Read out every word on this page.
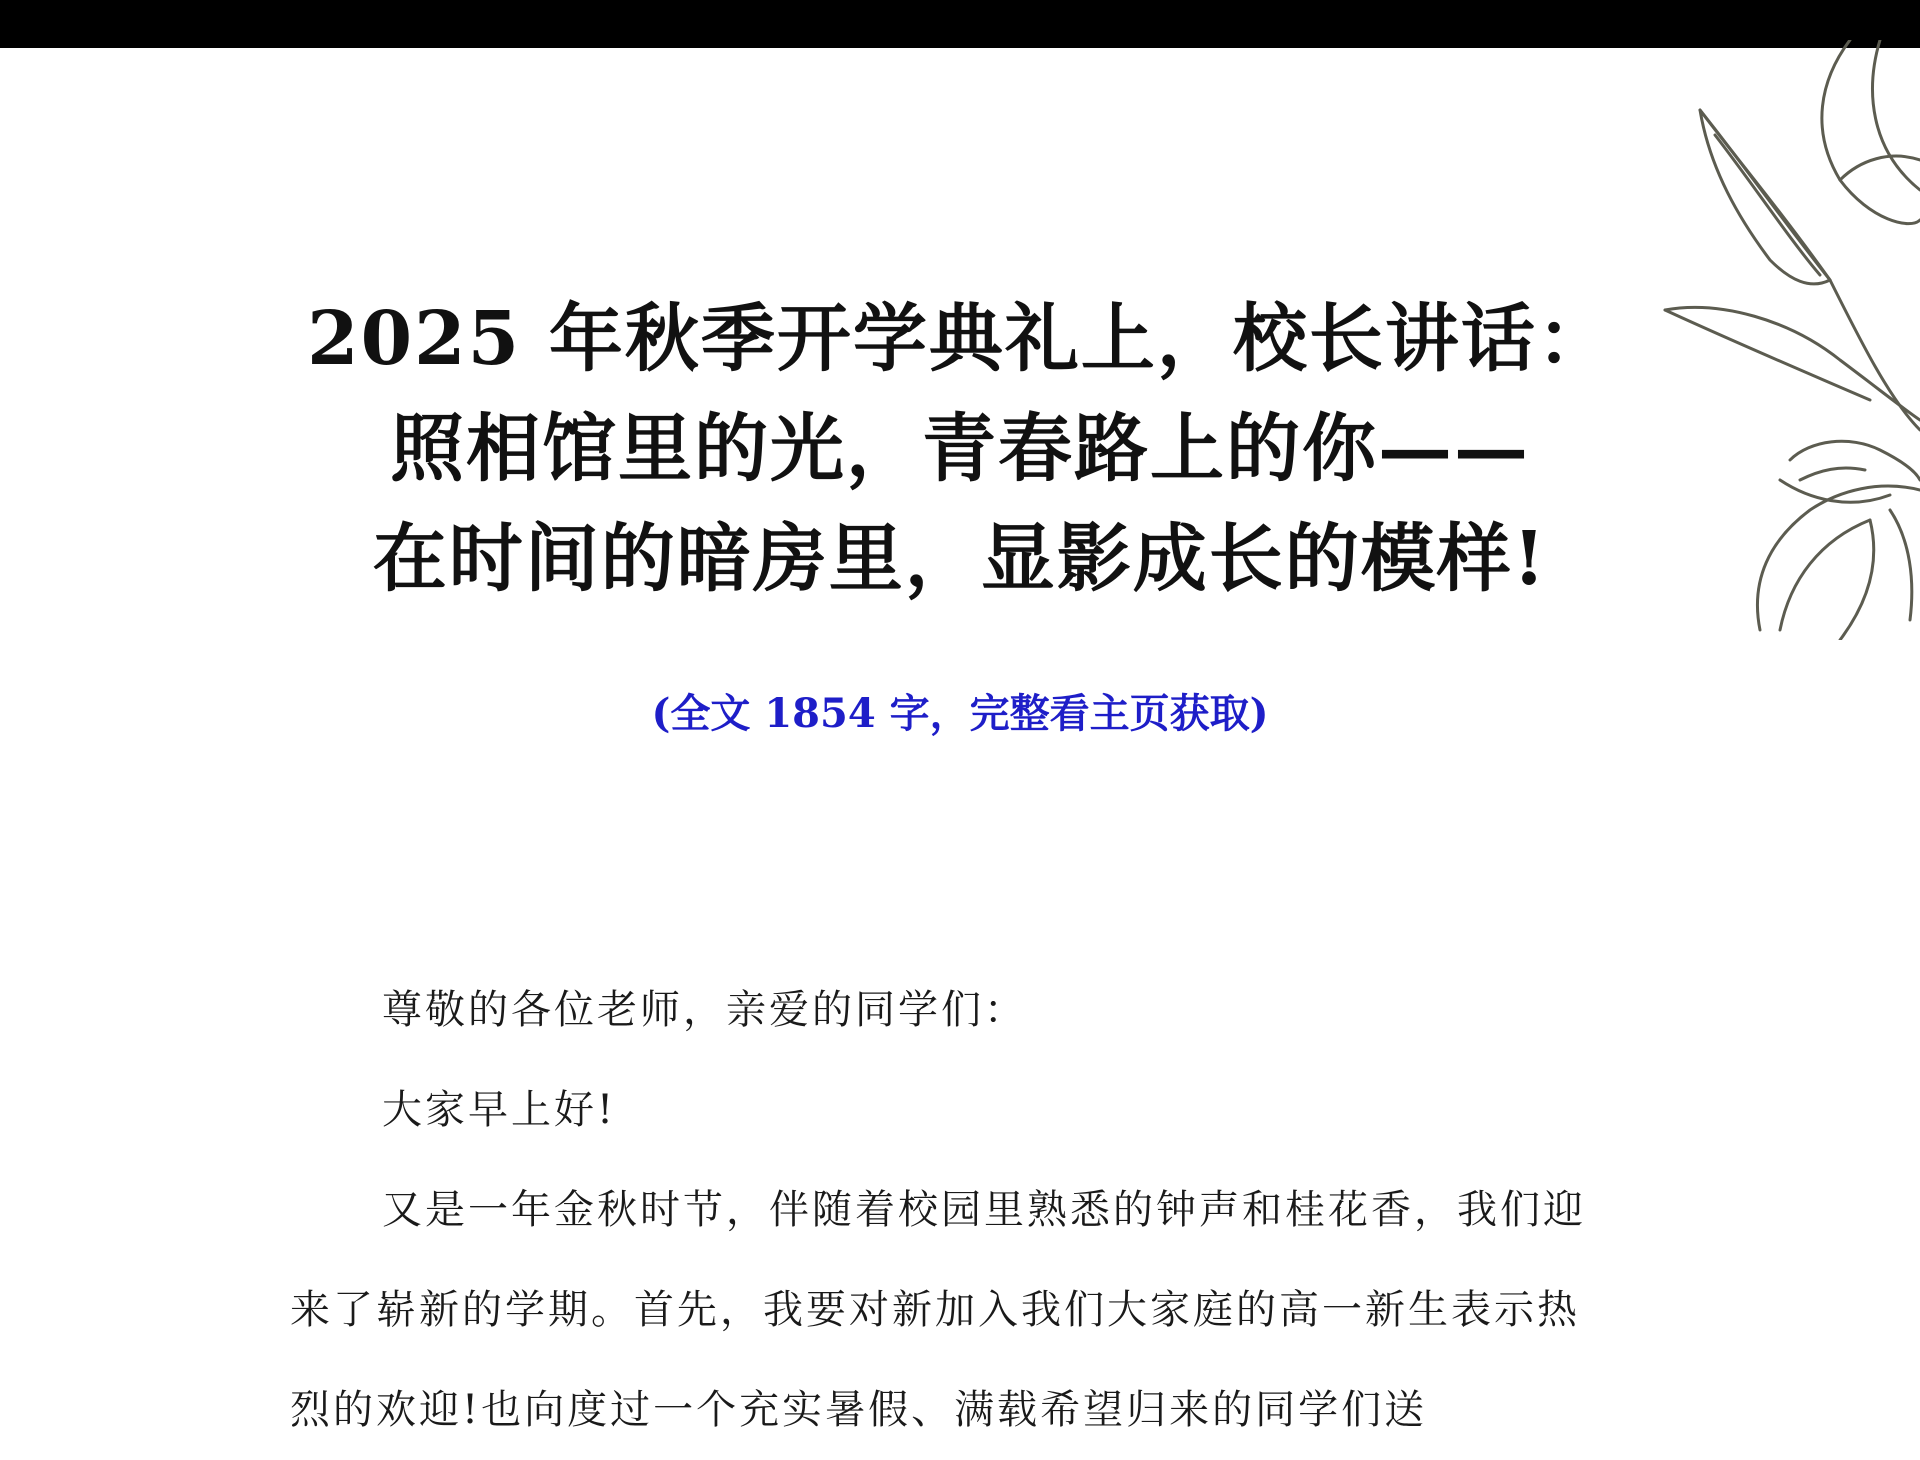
2025 年秋季开学典礼上，校长讲话：
照相馆里的光，青春路上的你——
在时间的暗房里，显影成长的模样!
(全文 1854 字，完整看主页获取)

尊敬的各位老师，亲爱的同学们：

大家早上好!

又是一年金秋时节，伴随着校园里熟悉的钟声和桂花香，我们迎来了崭新的学期。首先，我要对新加入我们大家庭的高一新生表示热烈的欢迎!也向度过一个充实暑假、满载希望归来的同学们送
